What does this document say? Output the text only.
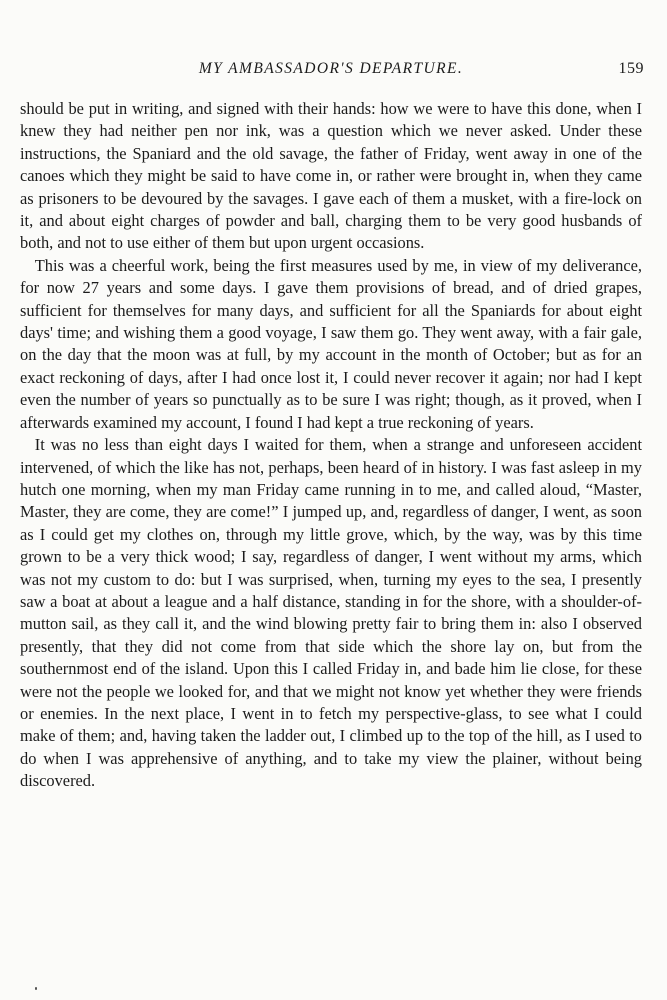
MY AMBASSADOR'S DEPARTURE.	159

should be put in writing, and signed with their hands: how we were to have this done, when I knew they had neither pen nor ink, was a question which we never asked. Under these instructions, the Spaniard and the old savage, the father of Friday, went away in one of the canoes which they might be said to have come in, or rather were brought in, when they came as prisoners to be devoured by the savages. I gave each of them a musket, with a fire-lock on it, and about eight charges of powder and ball, charging them to be very good husbands of both, and not to use either of them but upon urgent occasions.

This was a cheerful work, being the first measures used by me, in view of my deliverance, for now 27 years and some days. I gave them provisions of bread, and of dried grapes, sufficient for themselves for many days, and sufficient for all the Spaniards for about eight days' time; and wishing them a good voyage, I saw them go. They went away, with a fair gale, on the day that the moon was at full, by my account in the month of October; but as for an exact reckoning of days, after I had once lost it, I could never recover it again; nor had I kept even the number of years so punctually as to be sure I was right; though, as it proved, when I afterwards examined my account, I found I had kept a true reckoning of years.

It was no less than eight days I waited for them, when a strange and unforeseen accident intervened, of which the like has not, perhaps, been heard of in history. I was fast asleep in my hutch one morning, when my man Friday came running in to me, and called aloud, “Master, Master, they are come, they are come!” I jumped up, and, regardless of danger, I went, as soon as I could get my clothes on, through my little grove, which, by the way, was by this time grown to be a very thick wood; I say, regardless of danger, I went without my arms, which was not my custom to do: but I was surprised, when, turning my eyes to the sea, I presently saw a boat at about a league and a half distance, standing in for the shore, with a shoulder-of-mutton sail, as they call it, and the wind blowing pretty fair to bring them in: also I observed presently, that they did not come from that side which the shore lay on, but from the southernmost end of the island. Upon this I called Friday in, and bade him lie close, for these were not the people we looked for, and that we might not know yet whether they were friends or enemies. In the next place, I went in to fetch my perspective-glass, to see what I could make of them; and, having taken the ladder out, I climbed up to the top of the hill, as I used to do when I was apprehensive of anything, and to take my view the plainer, without being discovered.
